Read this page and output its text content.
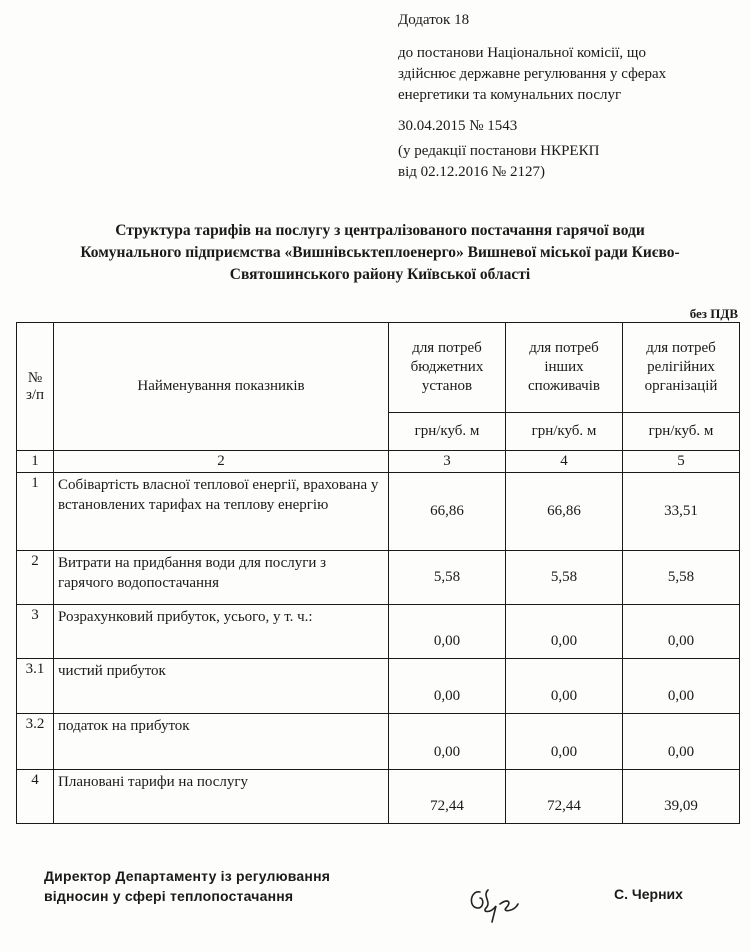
Додаток 18
до постанови Національної комісії, що
здійснює державне регулювання у сферах
енергетики та комунальних послуг
30.04.2015 № 1543
(у редакції постанови НКРЕКП
від 02.12.2016 № 2127)
Структура тарифів на послугу з централізованого постачання гарячої води
Комунального підприємства «Вишнівськтеплоенерго» Вишневої міської ради Києво-
Святошинського району Київської області
без ПДВ
№ з/п	Найменування показників	для потреб бюджетних установ	для потреб інших споживачів	для потреб релігійних організацій
		грн/куб. м	грн/куб. м	грн/куб. м
1	2	3	4	5
1	Собівартість власної теплової енергії, врахована у встановлених тарифах на теплову енергію	66,86	66,86	33,51
2	Витрати на придбання води для послуги з гарячого водопостачання	5,58	5,58	5,58
3	Розрахунковий прибуток, усього, у т. ч.:	0,00	0,00	0,00
3.1	чистий прибуток	0,00	0,00	0,00
3.2	податок на прибуток	0,00	0,00	0,00
4	Плановані тарифи на послугу	72,44	72,44	39,09
Директор Департаменту із регулювання
відносин у сфері теплопостачання	С. Черних
